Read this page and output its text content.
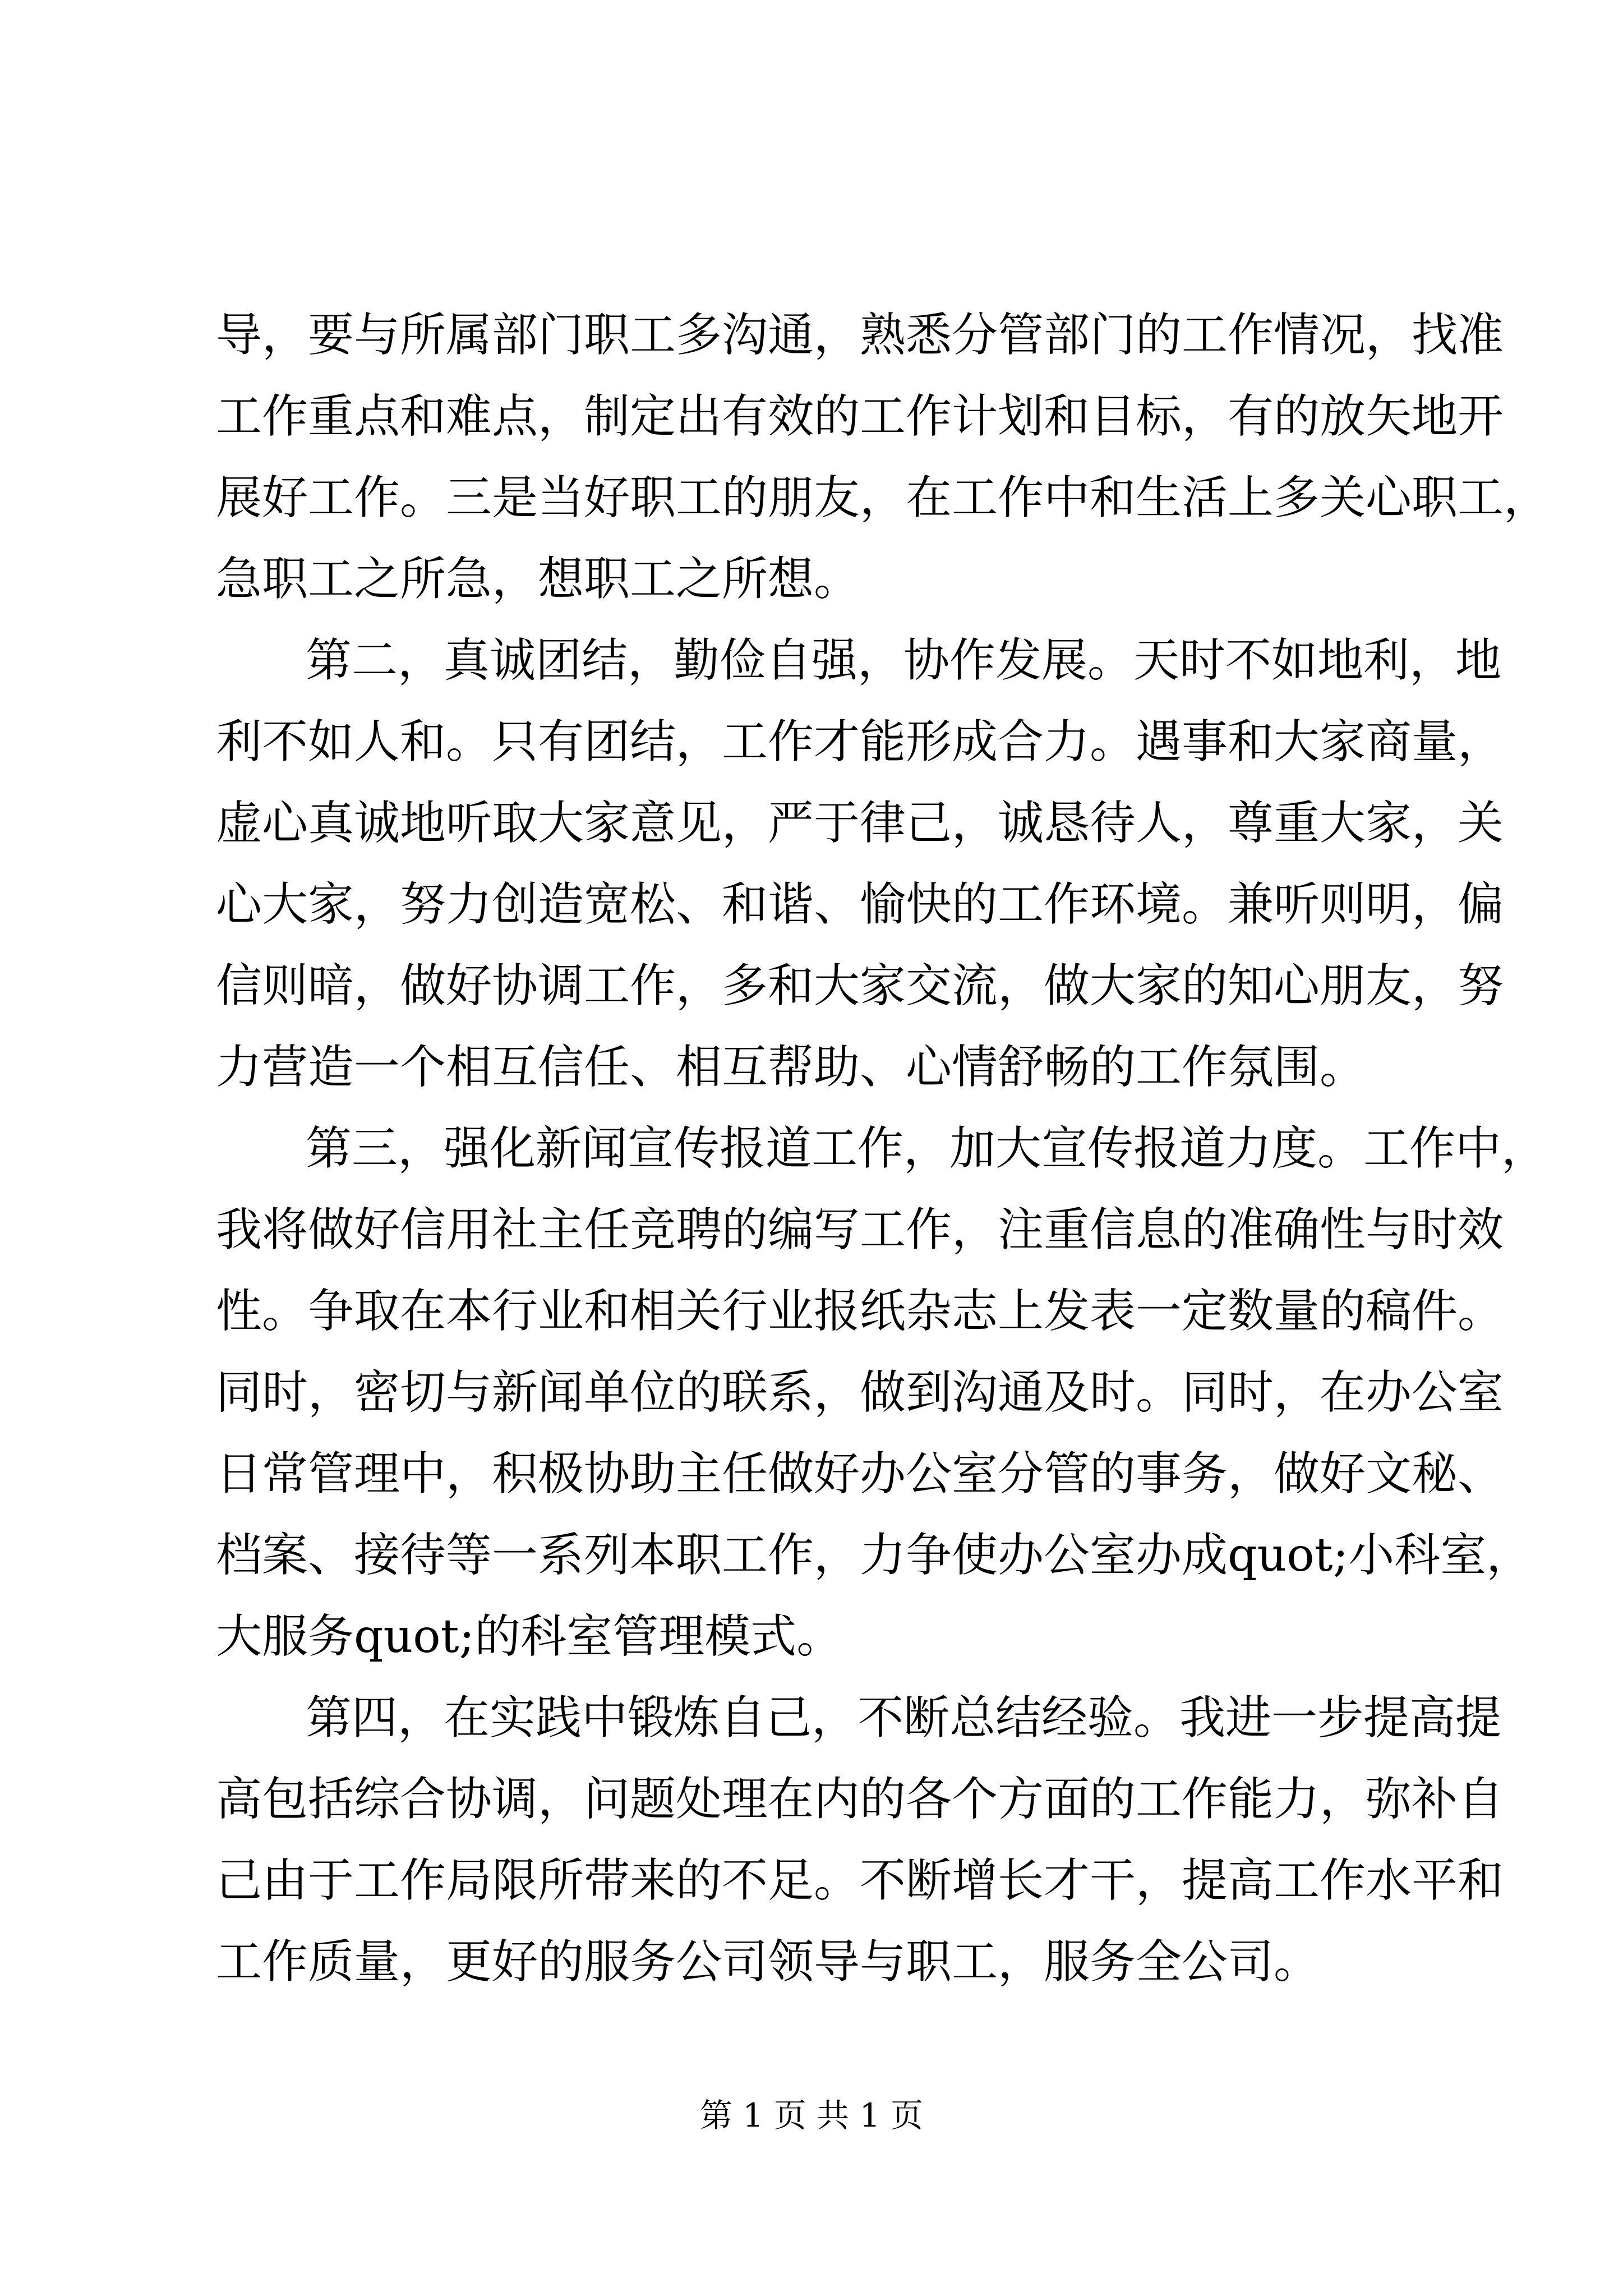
导，要与所属部门职工多沟通，熟悉分管部门的工作情况，找准
工作重点和难点，制定出有效的工作计划和目标，有的放矢地开
展好工作。三是当好职工的朋友，在工作中和生活上多关心职工，
急职工之所急，想职工之所想。
第二，真诚团结，勤俭自强，协作发展。天时不如地利，地
利不如人和。只有团结，工作才能形成合力。遇事和大家商量，
虚心真诚地听取大家意见，严于律己，诚恳待人，尊重大家，关
心大家，努力创造宽松、和谐、愉快的工作环境。兼听则明，偏
信则暗，做好协调工作，多和大家交流，做大家的知心朋友，努
力营造一个相互信任、相互帮助、心情舒畅的工作氛围。
第三，强化新闻宣传报道工作，加大宣传报道力度。工作中，
我将做好信用社主任竞聘的编写工作，注重信息的准确性与时效
性。争取在本行业和相关行业报纸杂志上发表一定数量的稿件。
同时，密切与新闻单位的联系，做到沟通及时。同时，在办公室
日常管理中，积极协助主任做好办公室分管的事务，做好文秘、
档案、接待等一系列本职工作，力争使办公室办成quot;小科室，
大服务quot;的科室管理模式。
第四，在实践中锻炼自己，不断总结经验。我进一步提高提
高包括综合协调，问题处理在内的各个方面的工作能力，弥补自
己由于工作局限所带来的不足。不断增长才干，提高工作水平和
工作质量，更好的服务公司领导与职工，服务全公司。
第 1 页 共 1 页
